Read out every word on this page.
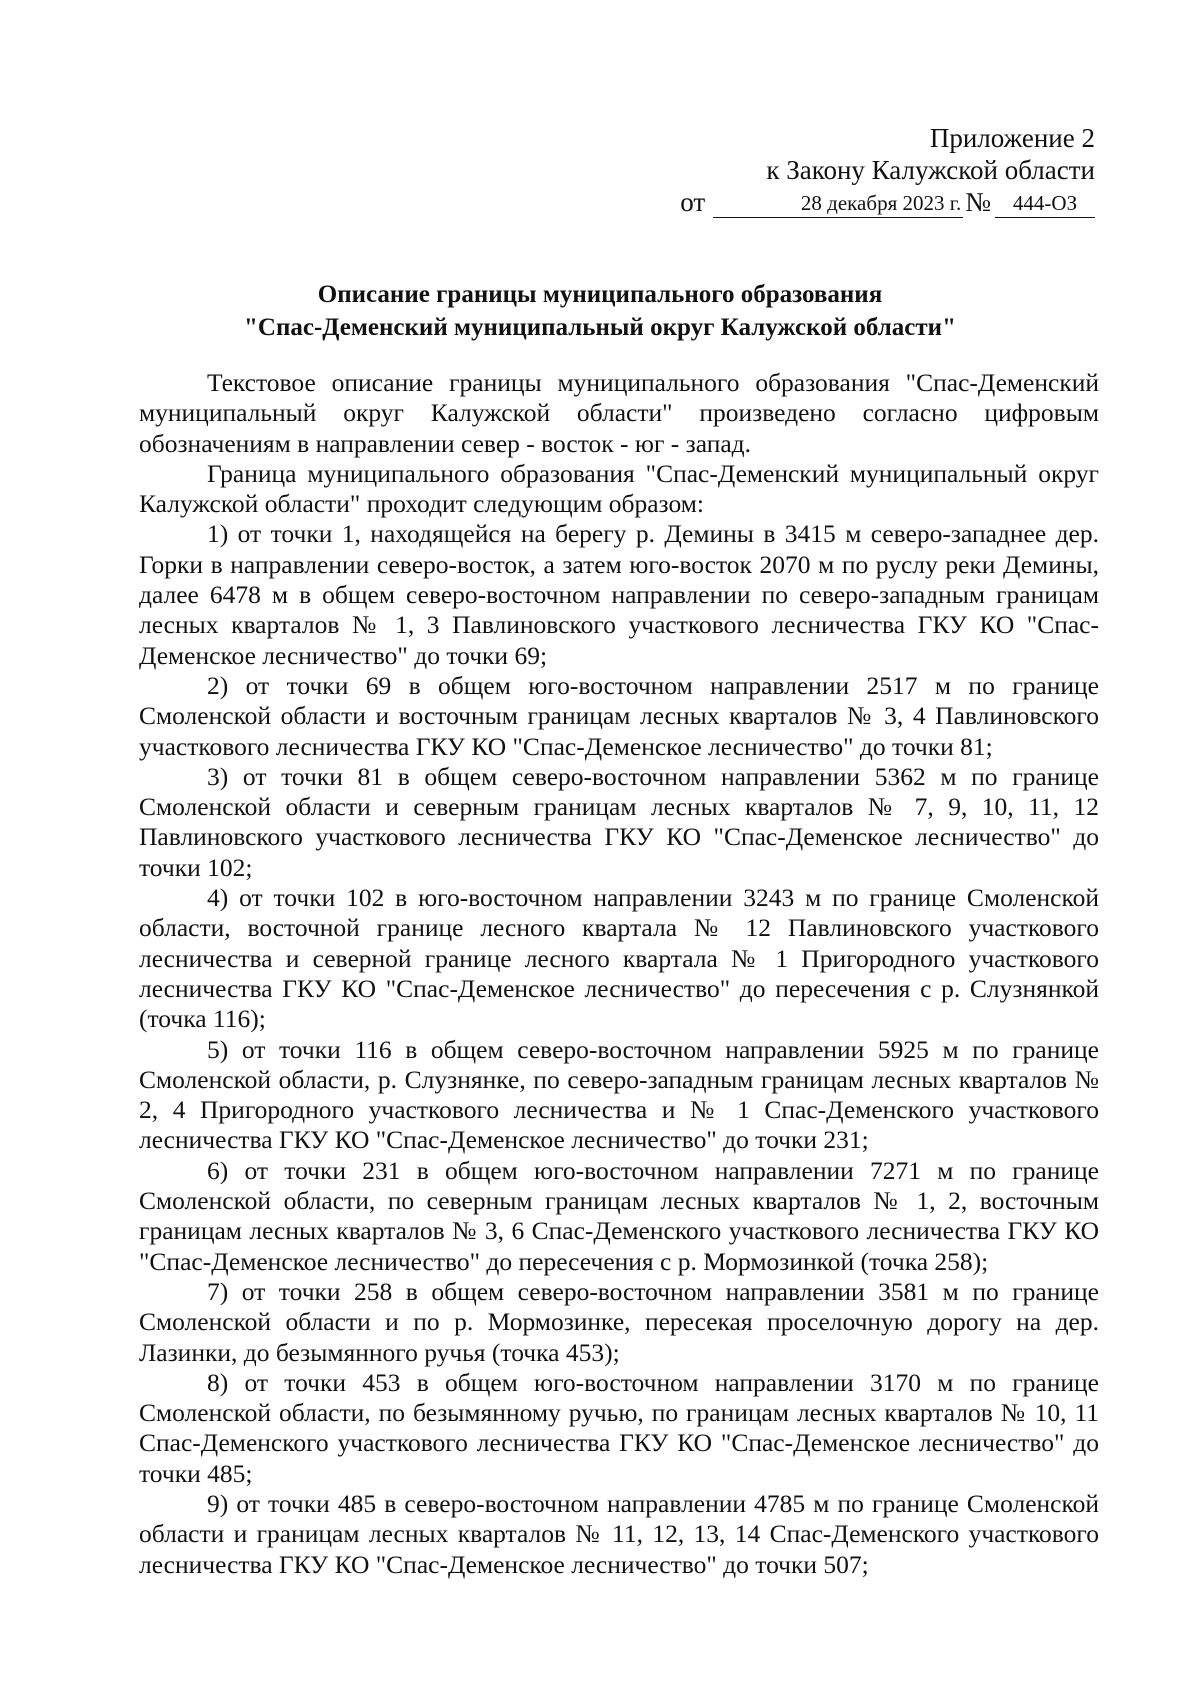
Приложение 2
к Закону Калужской области
от	28 декабря 2023 г. №	444-ОЗ
Описание границы муниципального образования
"Спас-Деменский муниципальный округ Калужской области"

Текстовое описание границы муниципального образования "Спас-Деменский муниципальный округ Калужской области" произведено согласно цифровым обозначениям в направлении север - восток - юг - запад.

Граница муниципального образования "Спас-Деменский муниципальный округ Калужской области" проходит следующим образом:

1) от точки 1, находящейся на берегу р. Демины в 3415 м северо-западнее дер. Горки в направлении северо-восток, а затем юго-восток 2070 м по руслу реки Демины, далее 6478 м в общем северо-восточном направлении по северо-западным границам лесных кварталов № 1, 3 Павлиновского участкового лесничества ГКУ КО "Спас-Деменское лесничество" до точки 69;

2) от точки 69 в общем юго-восточном направлении 2517 м по границе Смоленской области и восточным границам лесных кварталов № 3, 4 Павлиновского участкового лесничества ГКУ КО "Спас-Деменское лесничество" до точки 81;

3) от точки 81 в общем северо-восточном направлении 5362 м по границе Смоленской области и северным границам лесных кварталов № 7, 9, 10, 11, 12 Павлиновского участкового лесничества ГКУ КО "Спас-Деменское лесничество" до точки 102;

4) от точки 102 в юго-восточном направлении 3243 м по границе Смоленской области, восточной границе лесного квартала № 12 Павлиновского участкового лесничества и северной границе лесного квартала № 1 Пригородного участкового лесничества ГКУ КО "Спас-Деменское лесничество" до пересечения с р. Слузнянкой (точка 116);

5) от точки 116 в общем северо-восточном направлении 5925 м по границе Смоленской области, р. Слузнянке, по северо-западным границам лесных кварталов № 2, 4 Пригородного участкового лесничества и № 1 Спас-Деменского участкового лесничества ГКУ КО "Спас-Деменское лесничество" до точки 231;

6) от точки 231 в общем юго-восточном направлении 7271 м по границе Смоленской области, по северным границам лесных кварталов № 1, 2, восточным границам лесных кварталов № 3, 6 Спас-Деменского участкового лесничества ГКУ КО "Спас-Деменское лесничество" до пересечения с р. Мормозинкой (точка 258);

7) от точки 258 в общем северо-восточном направлении 3581 м по границе Смоленской области и по р. Мормозинке, пересекая проселочную дорогу на дер. Лазинки, до безымянного ручья (точка 453);

8) от точки 453 в общем юго-восточном направлении 3170 м по границе Смоленской области, по безымянному ручью, по границам лесных кварталов № 10, 11 Спас-Деменского участкового лесничества ГКУ КО "Спас-Деменское лесничество" до точки 485;

9) от точки 485 в северо-восточном направлении 4785 м по границе Смоленской области и границам лесных кварталов № 11, 12, 13, 14 Спас-Деменского участкового лесничества ГКУ КО "Спас-Деменское лесничество" до точки 507;
